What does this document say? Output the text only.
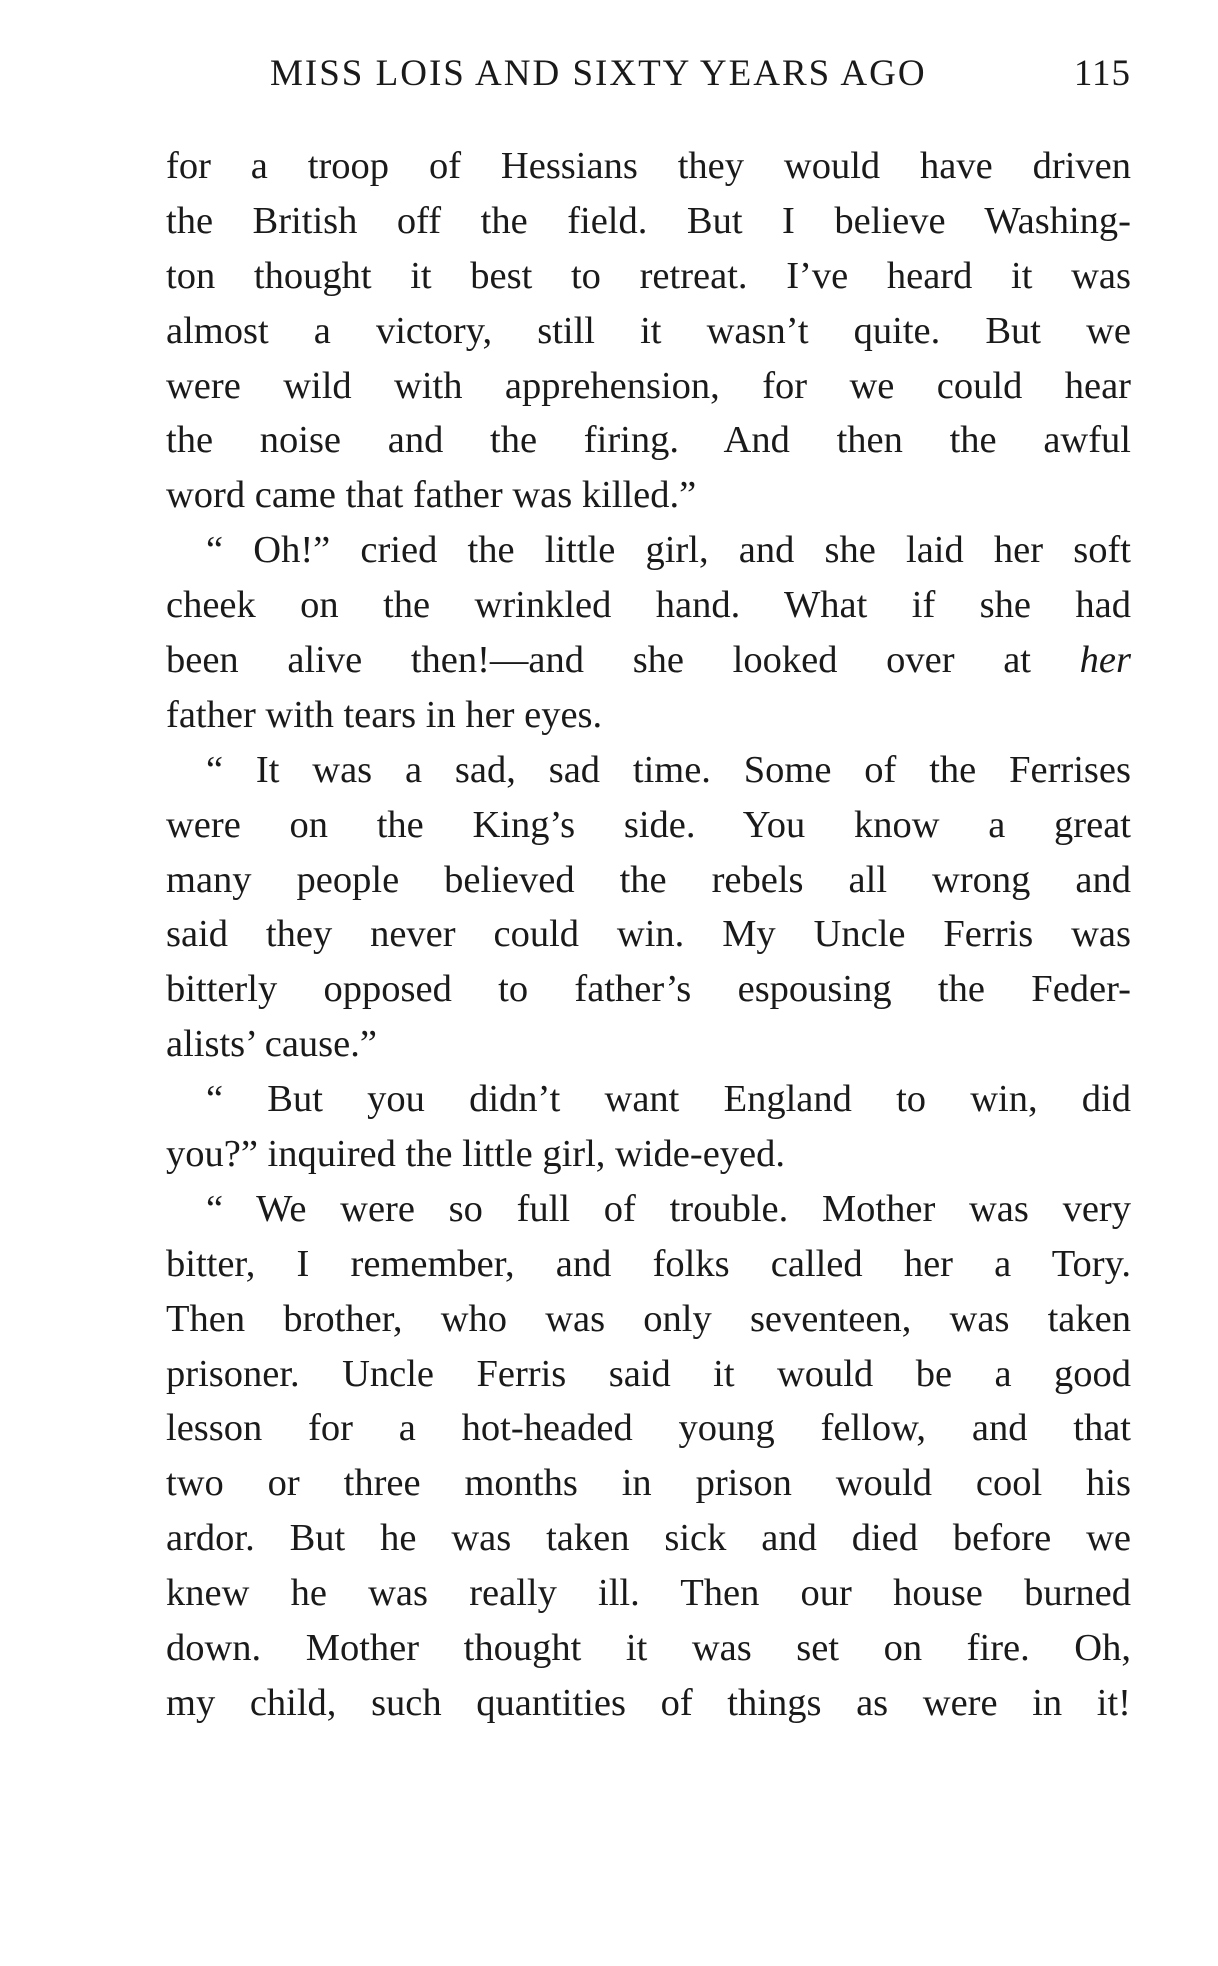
MISS LOIS AND SIXTY YEARS AGO	115
for a troop of Hessians they would have driven
the British off the field. But I believe Washing-
ton thought it best to retreat. I’ve heard it was
almost a victory, still it wasn’t quite. But we
were wild with apprehension, for we could hear
the noise and the firing. And then the awful
word came that father was killed.”
“ Oh!” cried the little girl, and she laid her soft
cheek on the wrinkled hand. What if she had
been alive then!—and she looked over at her
father with tears in her eyes.
“ It was a sad, sad time. Some of the Ferrises
were on the King’s side. You know a great
many people believed the rebels all wrong and
said they never could win. My Uncle Ferris was
bitterly opposed to father’s espousing the Feder-
alists’ cause.”
“ But you didn’t want England to win, did
you?” inquired the little girl, wide-eyed.
“ We were so full of trouble. Mother was very
bitter, I remember, and folks called her a Tory.
Then brother, who was only seventeen, was taken
prisoner. Uncle Ferris said it would be a good
lesson for a hot-headed young fellow, and that
two or three months in prison would cool his
ardor. But he was taken sick and died before we
knew he was really ill. Then our house burned
down. Mother thought it was set on fire. Oh,
my child, such quantities of things as were in it!
